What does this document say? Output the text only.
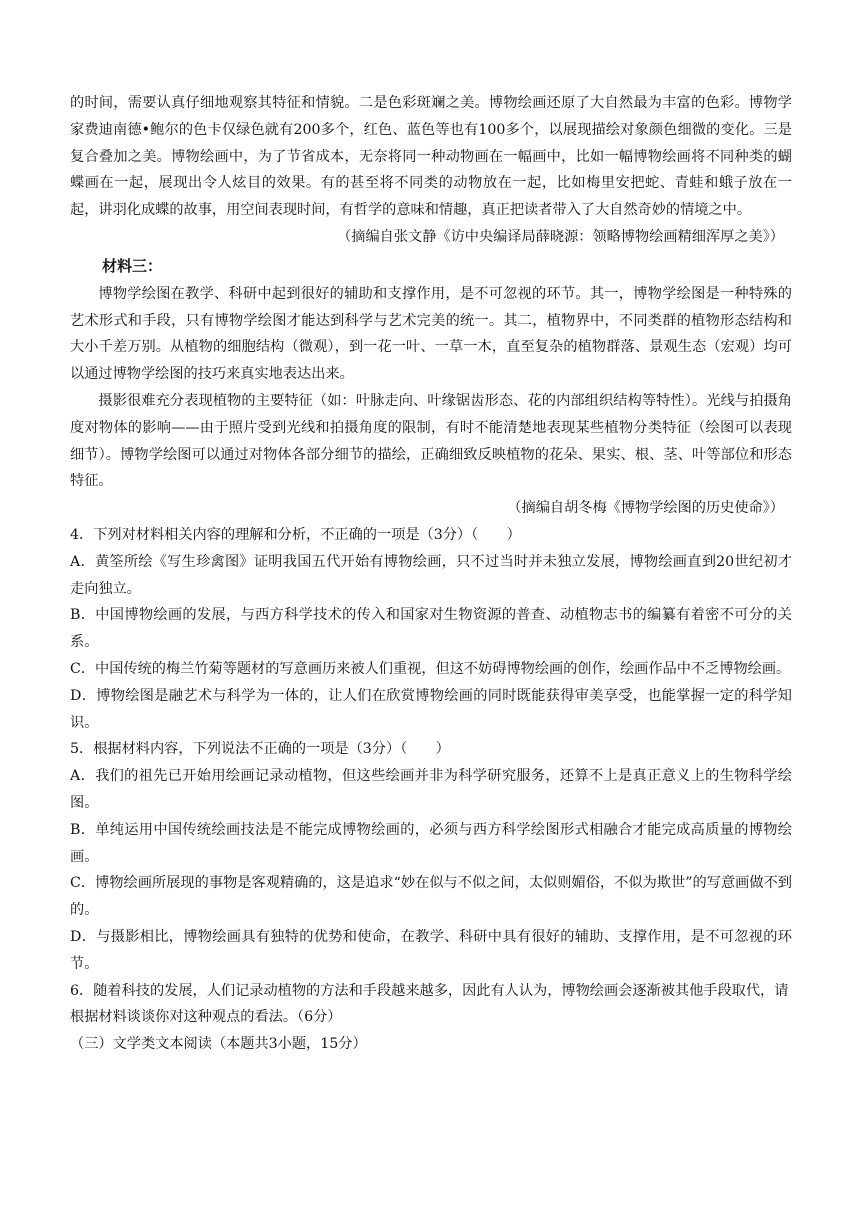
的时间，需要认真仔细地观察其特征和情貌。二是色彩斑斓之美。博物绘画还原了大自然最为丰富的色彩。博物学家费迪南德•鲍尔的色卡仅绿色就有200多个，红色、蓝色等也有100多个，以展现描绘对象颜色细微的变化。三是复合叠加之美。博物绘画中，为了节省成本，无奈将同一种动物画在一幅画中，比如一幅博物绘画将不同种类的蝴蝶画在一起，展现出令人炫目的效果。有的甚至将不同类的动物放在一起，比如梅里安把蛇、青蛙和蛾子放在一起，讲羽化成蝶的故事，用空间表现时间，有哲学的意味和情趣，真正把读者带入了大自然奇妙的情境之中。

（摘编自张文静《访中央编译局薛晓源：领略博物绘画精细浑厚之美》）

材料三：

博物学绘图在教学、科研中起到很好的辅助和支撑作用，是不可忽视的环节。其一，博物学绘图是一种特殊的艺术形式和手段，只有博物学绘图才能达到科学与艺术完美的统一。其二，植物界中，不同类群的植物形态结构和大小千差万别。从植物的细胞结构（微观），到一花一叶、一草一木，直至复杂的植物群落、景观生态（宏观）均可以通过博物学绘图的技巧来真实地表达出来。

摄影很难充分表现植物的主要特征（如：叶脉走向、叶缘锯齿形态、花的内部组织结构等特性）。光线与拍摄角度对物体的影响——由于照片受到光线和拍摄角度的限制，有时不能清楚地表现某些植物分类特征（绘图可以表现细节）。博物学绘图可以通过对物体各部分细节的描绘，正确细致反映植物的花朵、果实、根、茎、叶等部位和形态特征。

（摘编自胡冬梅《博物学绘图的历史使命》）

4．下列对材料相关内容的理解和分析，不正确的一项是（3分）（　　）

A．黄筌所绘《写生珍禽图》证明我国五代开始有博物绘画，只不过当时并未独立发展，博物绘画直到20世纪初才走向独立。

B．中国博物绘画的发展，与西方科学技术的传入和国家对生物资源的普查、动植物志书的编纂有着密不可分的关系。

C．中国传统的梅兰竹菊等题材的写意画历来被人们重视，但这不妨碍博物绘画的创作，绘画作品中不乏博物绘画。

D．博物绘图是融艺术与科学为一体的，让人们在欣赏博物绘画的同时既能获得审美享受，也能掌握一定的科学知识。

5．根据材料内容，下列说法不正确的一项是（3分）（　　）

A．我们的祖先已开始用绘画记录动植物，但这些绘画并非为科学研究服务，还算不上是真正意义上的生物科学绘图。

B．单纯运用中国传统绘画技法是不能完成博物绘画的，必须与西方科学绘图形式相融合才能完成高质量的博物绘画。

C．博物绘画所展现的事物是客观精确的，这是追求“妙在似与不似之间，太似则媚俗，不似为欺世”的写意画做不到的。

D．与摄影相比，博物绘画具有独特的优势和使命，在教学、科研中具有很好的辅助、支撑作用，是不可忽视的环节。

6．随着科技的发展，人们记录动植物的方法和手段越来越多，因此有人认为，博物绘画会逐渐被其他手段取代，请根据材料谈谈你对这种观点的看法。（6分）

（三）文学类文本阅读（本题共3小题，15分）
